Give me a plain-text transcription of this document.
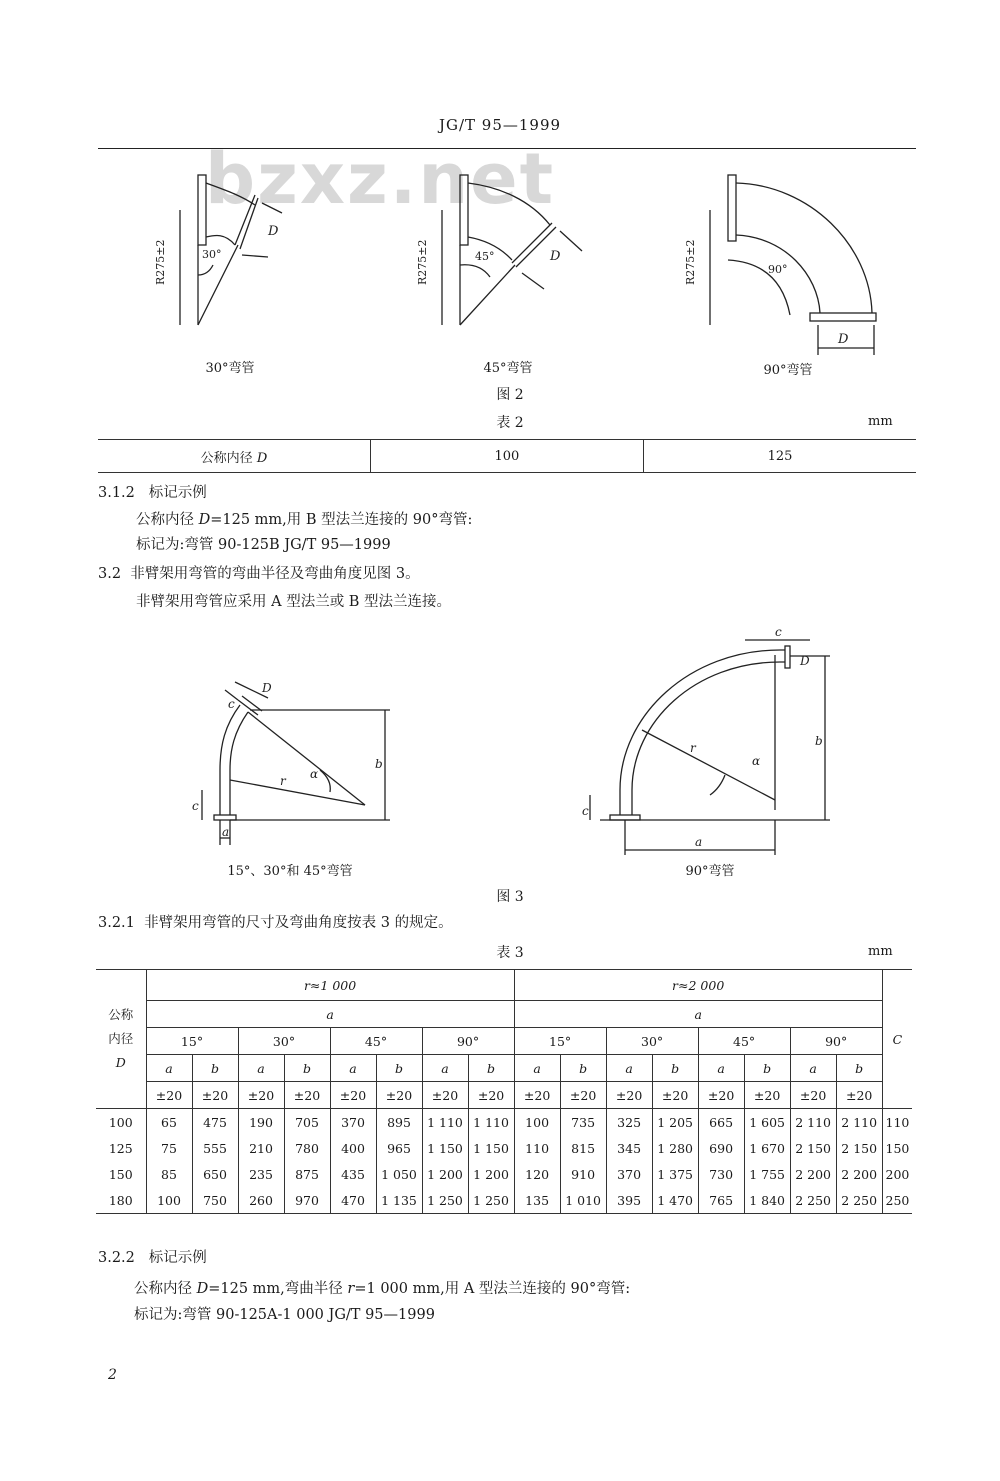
JG/T 95—1999
bzxz.net
R275±2	30°
D
R275±2	45°	D	R275±2	90°
D
30°弯管	45°弯管	90°弯管
图 2
表 2	mm
公称内径 D	100	125
3.1.2 标记示例
公称内径 D=125 mm,用 B 型法兰连接的 90°弯管:
标记为:弯管 90-125B JG/T 95—1999
3.2 非臂架用弯管的弯曲半径及弯曲角度见图 3。
非臂架用弯管应采用 A 型法兰或 B 型法兰连接。
c
D
b
r α
c
a
c
D
b
r
α
c
a
15°、30°和 45°弯管	90°弯管
图 3
3.2.1 非臂架用弯管的尺寸及弯曲角度按表 3 的规定。
表 3	mm
公称
内径
D	r≈1 000								r≈2 000								C
	a								a								
	15°		30°		45°		90°		15°		30°		45°		90°		
	a	b	a	b	a	b	a	b	a	b	a	b	a	b	a	b	
	±20	±20	±20	±20	±20	±20	±20	±20	±20	±20	±20	±20	±20	±20	±20	±20	
100	65	475	190	705	370	895	1 110	1 110	100	735	325	1 205	665	1 605	2 110	2 110	110
125	75	555	210	780	400	965	1 150	1 150	110	815	345	1 280	690	1 670	2 150	2 150	150
150	85	650	235	875	435	1 050	1 200	1 200	120	910	370	1 375	730	1 755	2 200	2 200	200
180	100	750	260	970	470	1 135	1 250	1 250	135	1 010	395	1 470	765	1 840	2 250	2 250	250
3.2.2 标记示例
公称内径 D=125 mm,弯曲半径 r=1 000 mm,用 A 型法兰连接的 90°弯管:
标记为:弯管 90-125A-1 000 JG/T 95—1999
2
